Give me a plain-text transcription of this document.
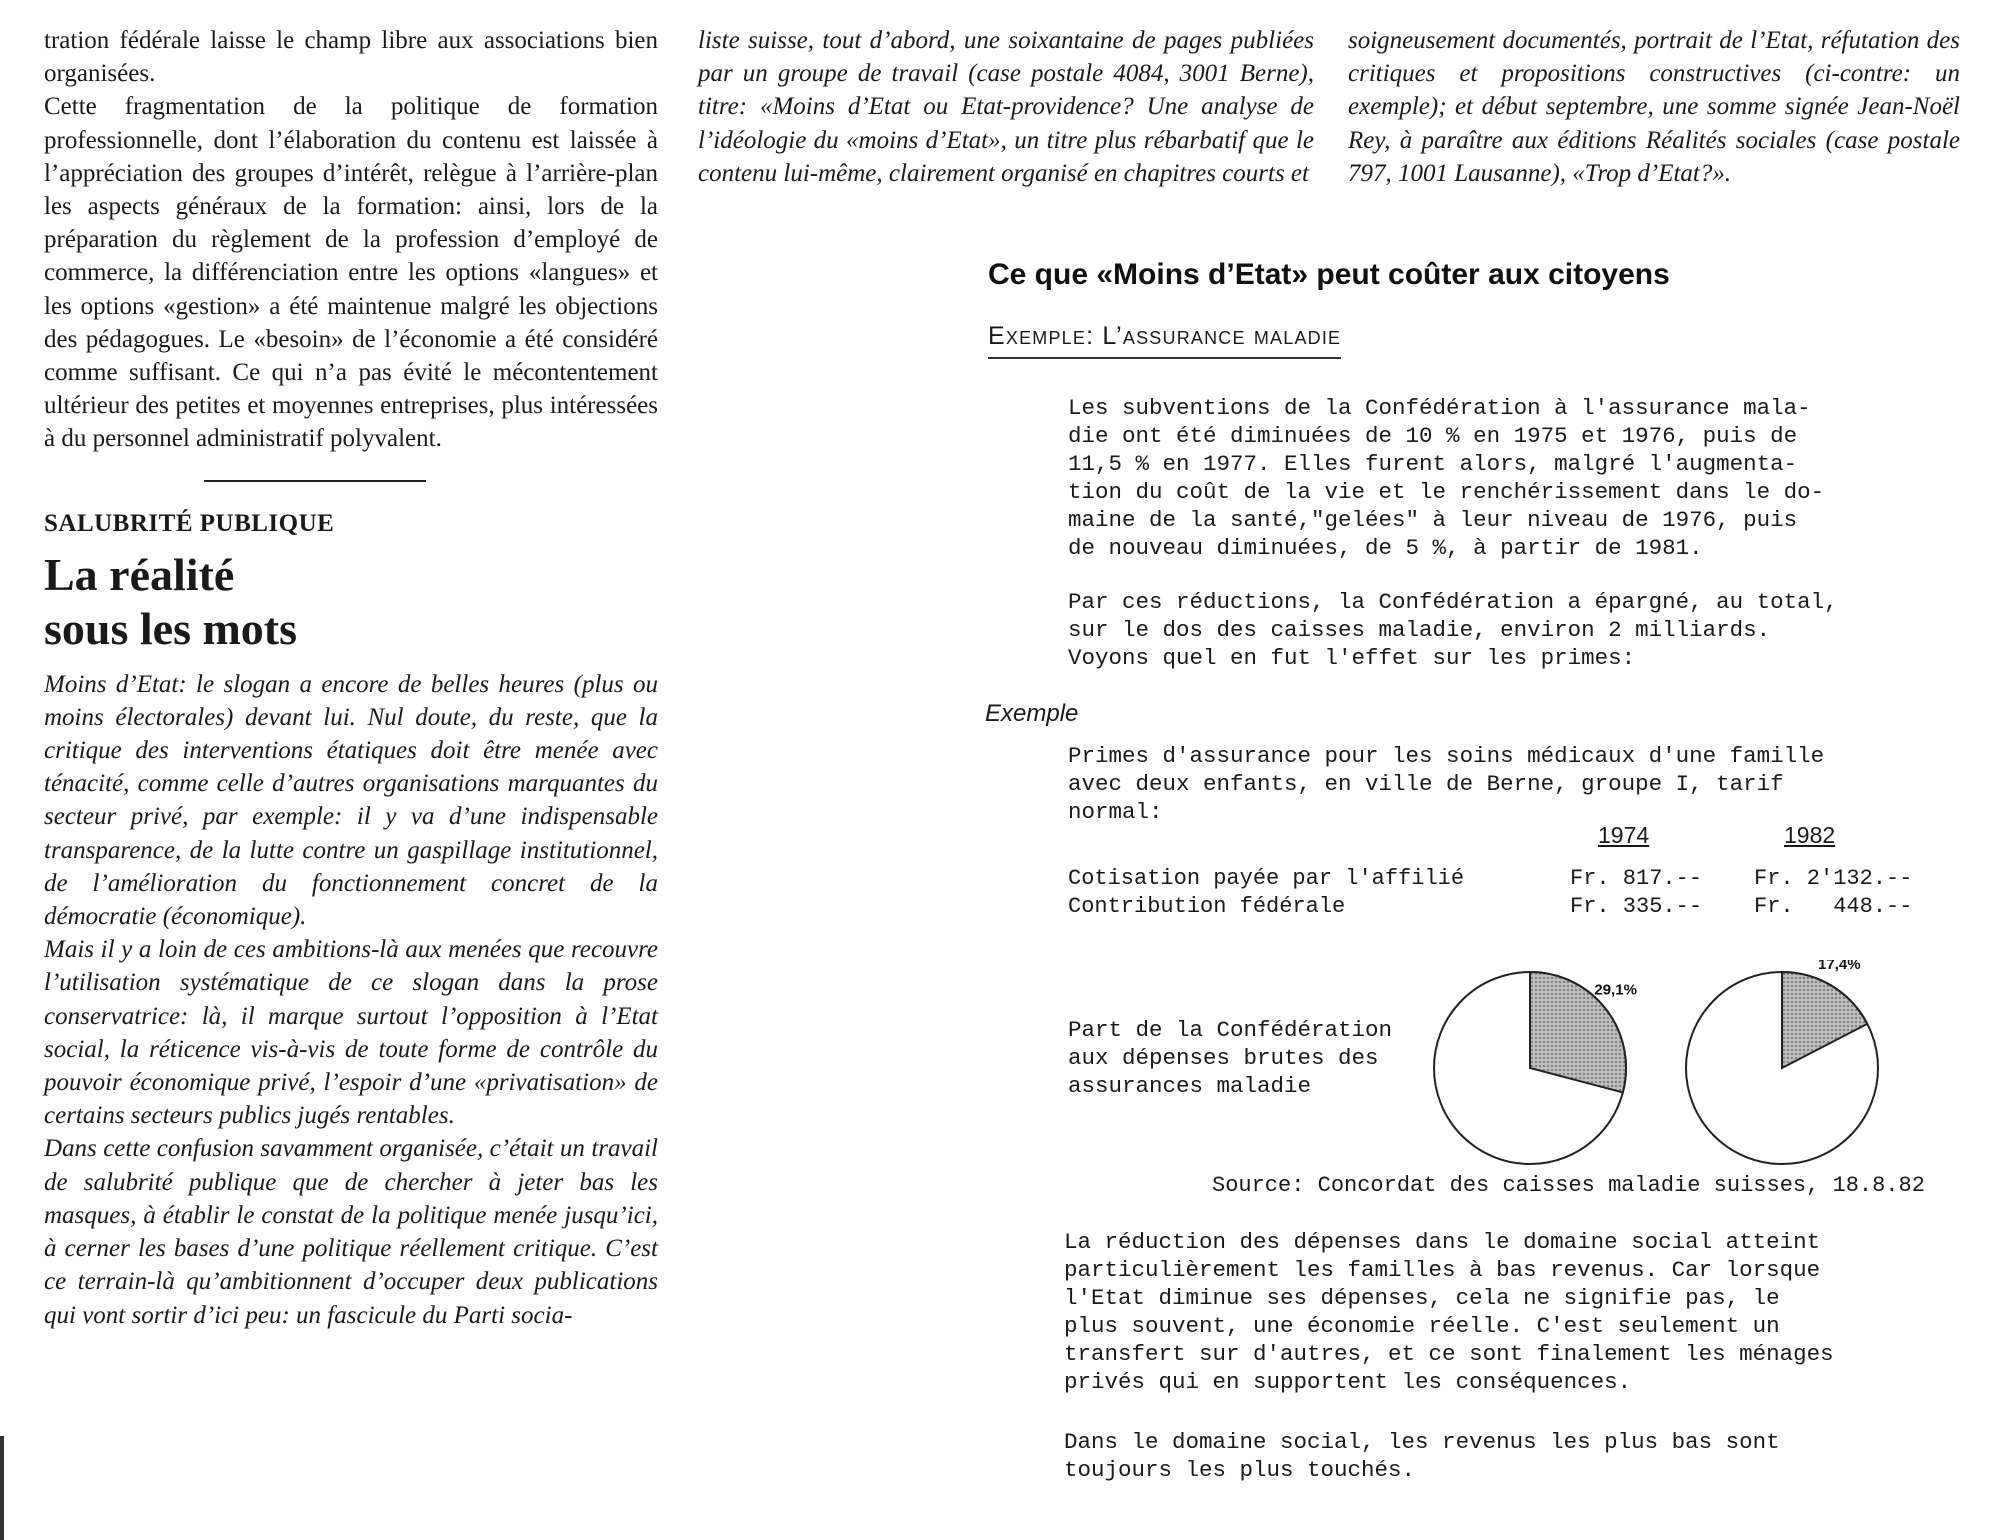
tration fédérale laisse le champ libre aux associations bien organisées.

Cette fragmentation de la politique de formation professionnelle, dont l’élaboration du contenu est laissée à l’appréciation des groupes d’intérêt, relègue à l’arrière-plan les aspects généraux de la formation: ainsi, lors de la préparation du règlement de la profession d’employé de commerce, la différenciation entre les options «langues» et les options «gestion» a été maintenue malgré les objections des pédagogues. Le «besoin» de l’économie a été considéré comme suffisant. Ce qui n’a pas évité le mécontentement ultérieur des petites et moyennes entreprises, plus intéressées à du personnel administratif polyvalent.

SALUBRITÉ PUBLIQUE
La réalité
sous les mots

Moins d’Etat: le slogan a encore de belles heures (plus ou moins électorales) devant lui. Nul doute, du reste, que la critique des interventions étatiques doit être menée avec ténacité, comme celle d’autres organisations marquantes du secteur privé, par exemple: il y va d’une indispensable transparence, de la lutte contre un gaspillage institutionnel, de l’amélioration du fonctionnement concret de la démocratie (économique).

Mais il y a loin de ces ambitions-là aux menées que recouvre l’utilisation systématique de ce slogan dans la prose conservatrice: là, il marque surtout l’opposition à l’Etat social, la réticence vis-à-vis de toute forme de contrôle du pouvoir économique privé, l’espoir d’une «privatisation» de certains secteurs publics jugés rentables.

Dans cette confusion savamment organisée, c’était un travail de salubrité publique que de chercher à jeter bas les masques, à établir le constat de la politique menée jusqu’ici, à cerner les bases d’une politique réellement critique. C’est ce terrain-là qu’ambitionnent d’occuper deux publications qui vont sortir d’ici peu: un fascicule du Parti socia-

liste suisse, tout d’abord, une soixantaine de pages publiées par un groupe de travail (case postale 4084, 3001 Berne), titre: «Moins d’Etat ou Etat-providence? Une analyse de l’idéologie du «moins d’Etat», un titre plus rébarbatif que le contenu lui-même, clairement organisé en chapitres courts et

soigneusement documentés, portrait de l’Etat, réfutation des critiques et propositions constructives (ci-contre: un exemple); et début septembre, une somme signée Jean-Noël Rey, à paraître aux éditions Réalités sociales (case postale 797, 1001 Lausanne), «Trop d’Etat?».

Ce que «Moins d’Etat» peut coûter aux citoyens
Exemple: L’assurance maladie
Les subventions de la Confédération à l'assurance mala-
die ont été diminuées de 10 % en 1975 et 1976, puis de
11,5 % en 1977. Elles furent alors, malgré l'augmenta-
tion du coût de la vie et le renchérissement dans le do-
maine de la santé,"gelées" à leur niveau de 1976, puis
de nouveau diminuées, de 5 %, à partir de 1981.
Par ces réductions, la Confédération a épargné, au total,
sur le dos des caisses maladie, environ 2 milliards.
Voyons quel en fut l'effet sur les primes:
Exemple
Primes d'assurance pour les soins médicaux d'une famille
avec deux enfants, en ville de Berne, groupe I, tarif
normal:
1974	1982
Cotisation payée par l'affilié	Fr. 817.-- Fr. 2'132.--
Contribution fédérale	Fr. 335.-- Fr.   448.--
Part de la Confédération
aux dépenses brutes des
assurances maladie
29,1%
17,4%
Source: Concordat des caisses maladie suisses, 18.8.82
La réduction des dépenses dans le domaine social atteint
particulièrement les familles à bas revenus. Car lorsque
l'Etat diminue ses dépenses, cela ne signifie pas, le
plus souvent, une économie réelle. C'est seulement un
transfert sur d'autres, et ce sont finalement les ménages
privés qui en supportent les conséquences.
Dans le domaine social, les revenus les plus bas sont
toujours les plus touchés.
